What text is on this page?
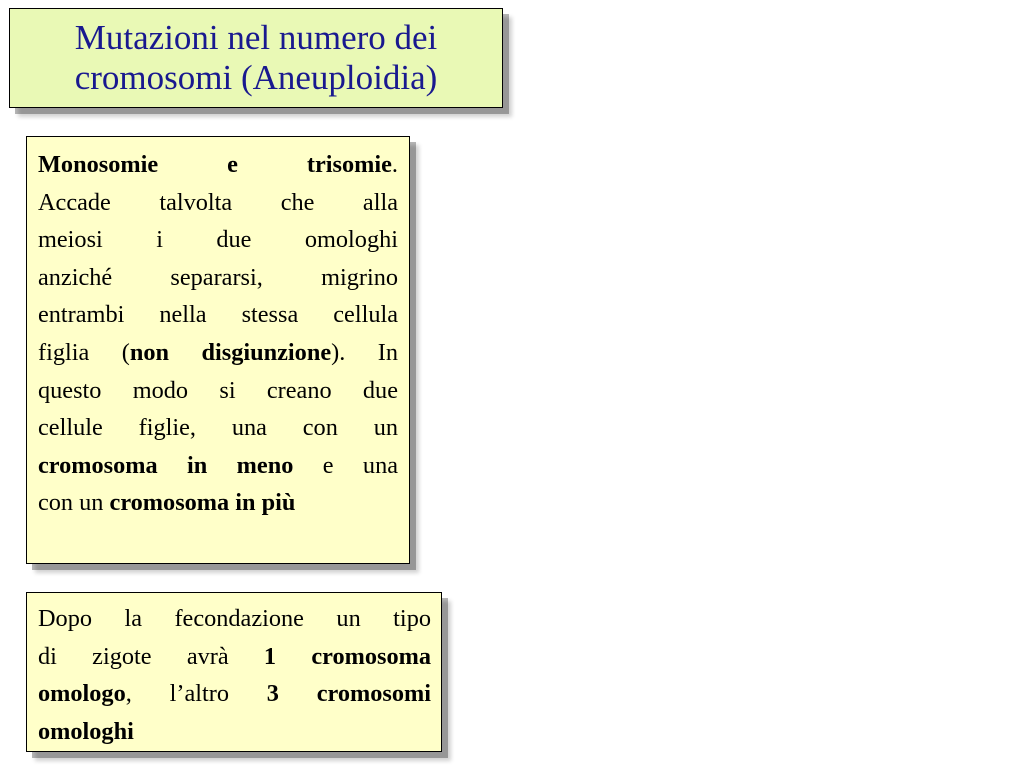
Mutazioni nel numero dei
cromosomi (Aneuploidia)
Monosomie e trisomie.
Accade talvolta che alla
meiosi i due omologhi
anziché separarsi, migrino
entrambi nella stessa cellula
figlia (non disgiunzione). In
questo modo si creano due
cellule figlie, una con un
cromosoma in meno e una
con un cromosoma in più
Dopo la fecondazione un tipo
di zigote avrà 1 cromosoma
omologo, l’altro 3 cromosomi
omologhi
